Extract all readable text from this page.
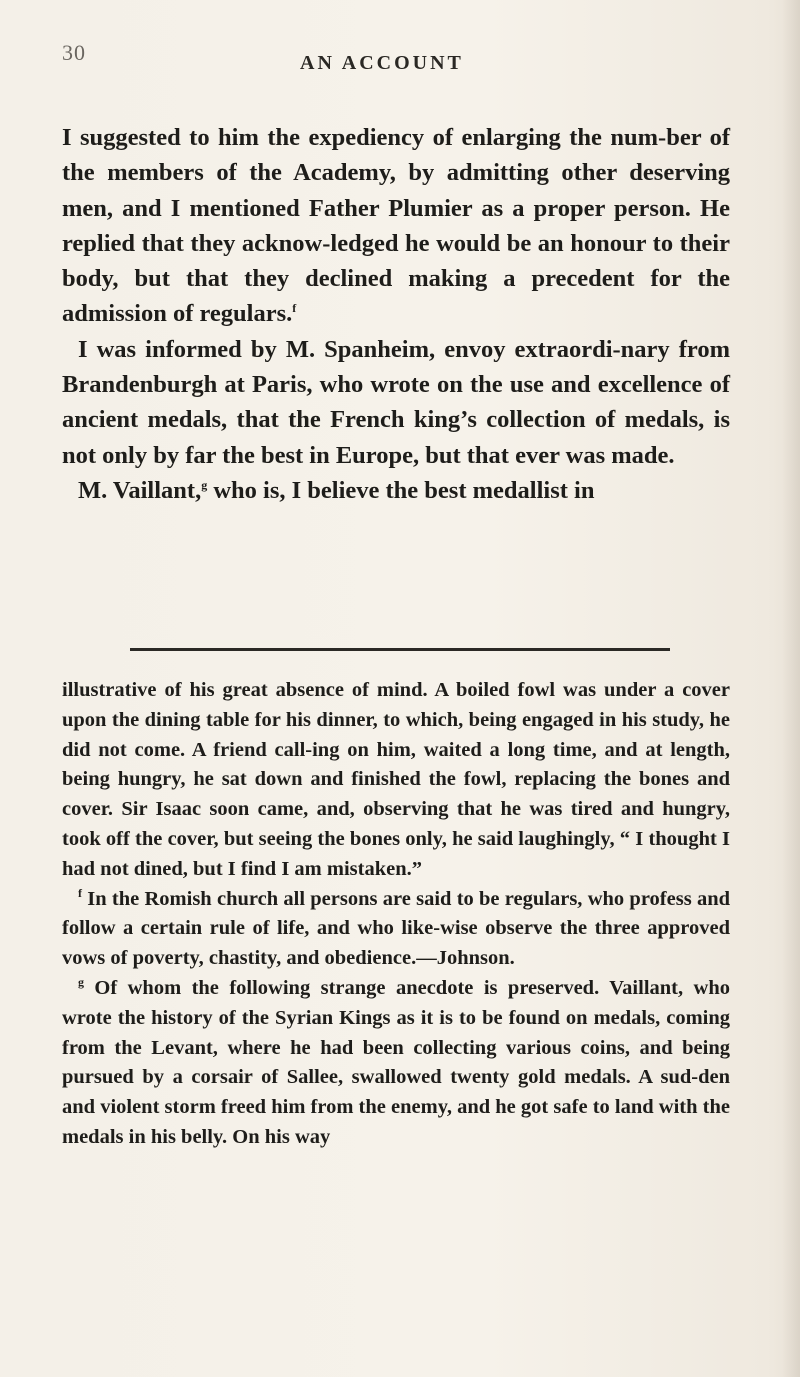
30	AN ACCOUNT

I suggested to him the expediency of enlarging the num-ber of the members of the Academy, by admitting other deserving men, and I mentioned Father Plumier as a proper person. He replied that they acknow-ledged he would be an honour to their body, but that they declined making a precedent for the admission of regulars.$^f$

I was informed by M. Spanheim, envoy extraordi-nary from Brandenburgh at Paris, who wrote on the use and excellence of ancient medals, that the French king’s collection of medals, is not only by far the best in Europe, but that ever was made.

M. Vaillant,$^g$ who is, I believe the best medallist in

illustrative of his great absence of mind. A boiled fowl was under a cover upon the dining table for his dinner, to which, being engaged in his study, he did not come. A friend call-ing on him, waited a long time, and at length, being hungry, he sat down and finished the fowl, replacing the bones and cover. Sir Isaac soon came, and, observing that he was tired and hungry, took off the cover, but seeing the bones only, he said laughingly, “ I thought I had not dined, but I find I am mistaken.”

$^f$ In the Romish church all persons are said to be regulars, who profess and follow a certain rule of life, and who like-wise observe the three approved vows of poverty, chastity, and obedience.—Johnson.

$^g$ Of whom the following strange anecdote is preserved. Vaillant, who wrote the history of the Syrian Kings as it is to be found on medals, coming from the Levant, where he had been collecting various coins, and being pursued by a corsair of Sallee, swallowed twenty gold medals. A sud-den and violent storm freed him from the enemy, and he got safe to land with the medals in his belly. On his way
